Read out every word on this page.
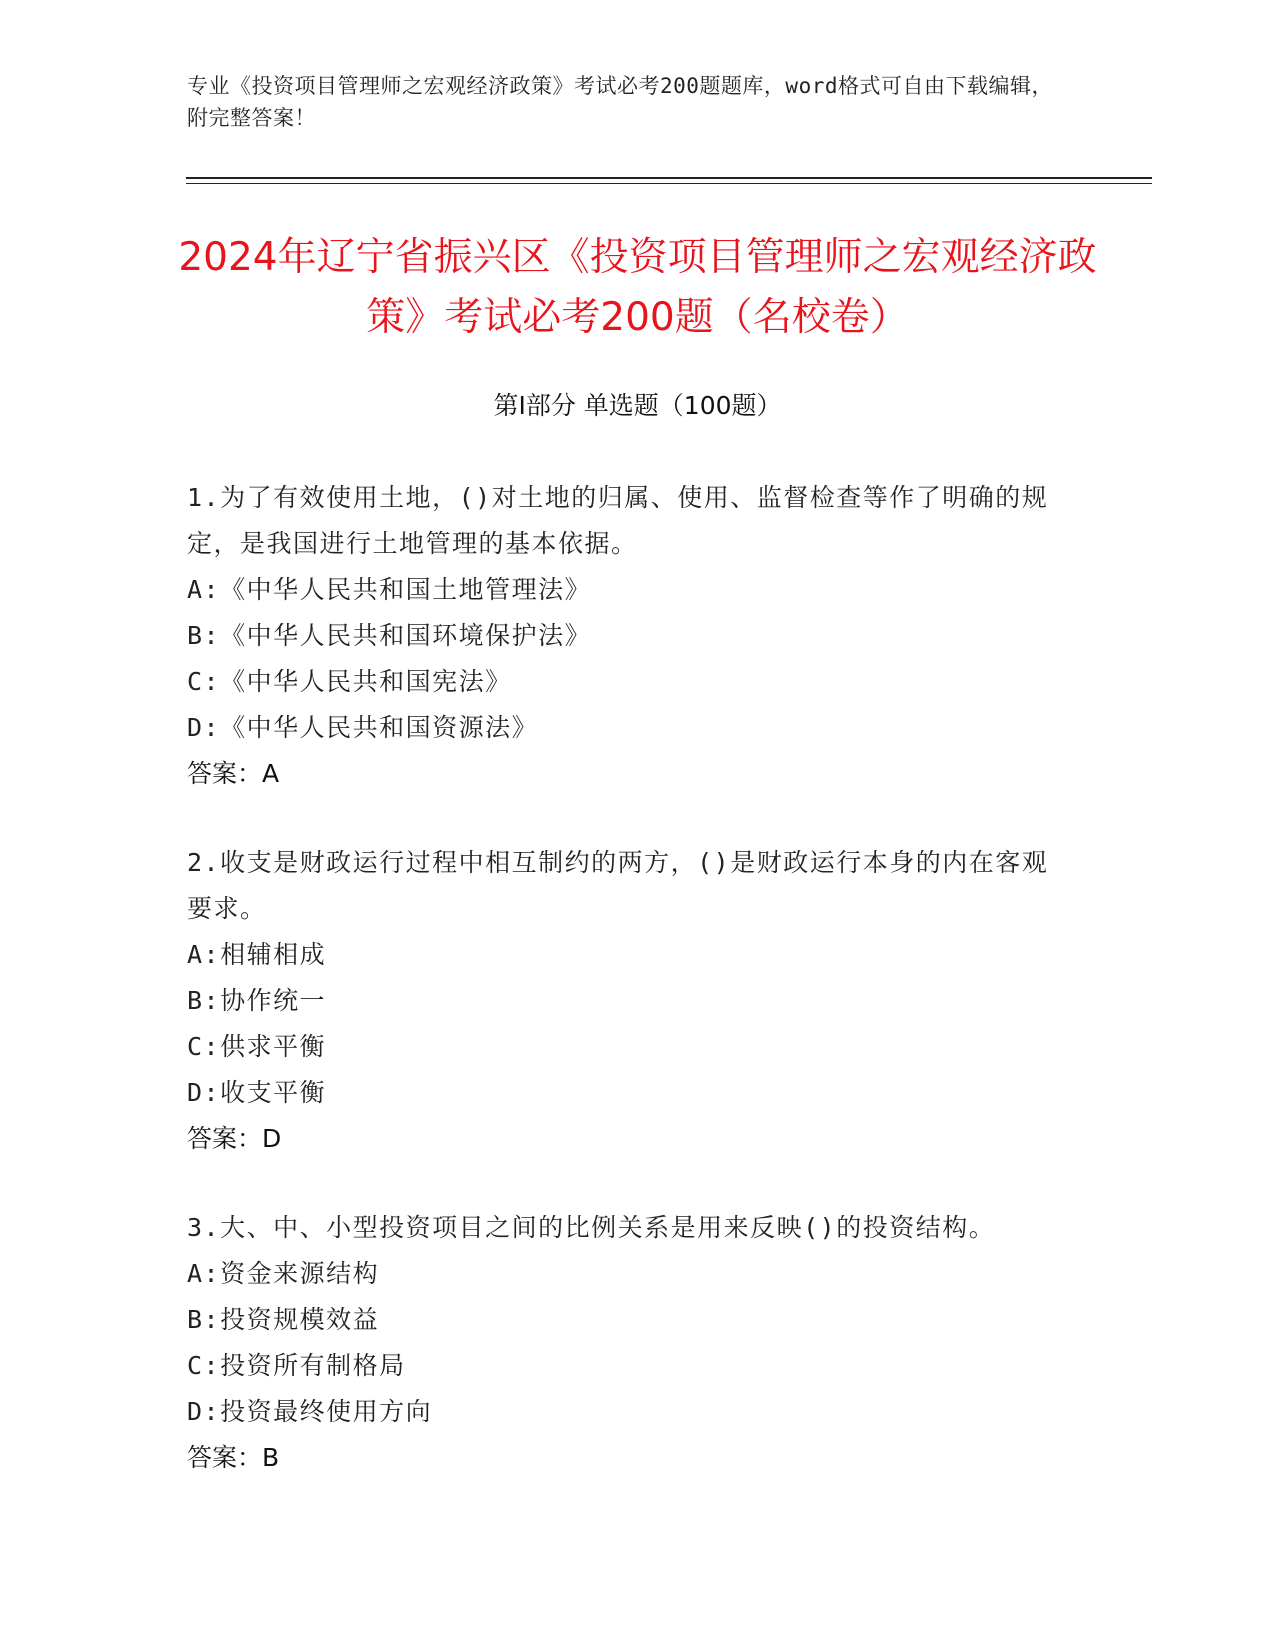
专业《投资项目管理师之宏观经济政策》考试必考200题题库，word格式可自由下载编辑，附完整答案！
2024年辽宁省振兴区《投资项目管理师之宏观经济政策》考试必考200题（名校卷）
第Ⅰ部分 单选题（100题）
1.为了有效使用土地，()对土地的归属、使用、监督检查等作了明确的规定，是我国进行土地管理的基本依据。
A:《中华人民共和国土地管理法》
B:《中华人民共和国环境保护法》
C:《中华人民共和国宪法》
D:《中华人民共和国资源法》
答案：A
2.收支是财政运行过程中相互制约的两方，()是财政运行本身的内在客观要求。
A:相辅相成
B:协作统一
C:供求平衡
D:收支平衡
答案：D
3.大、中、小型投资项目之间的比例关系是用来反映()的投资结构。
A:资金来源结构
B:投资规模效益
C:投资所有制格局
D:投资最终使用方向
答案：B
